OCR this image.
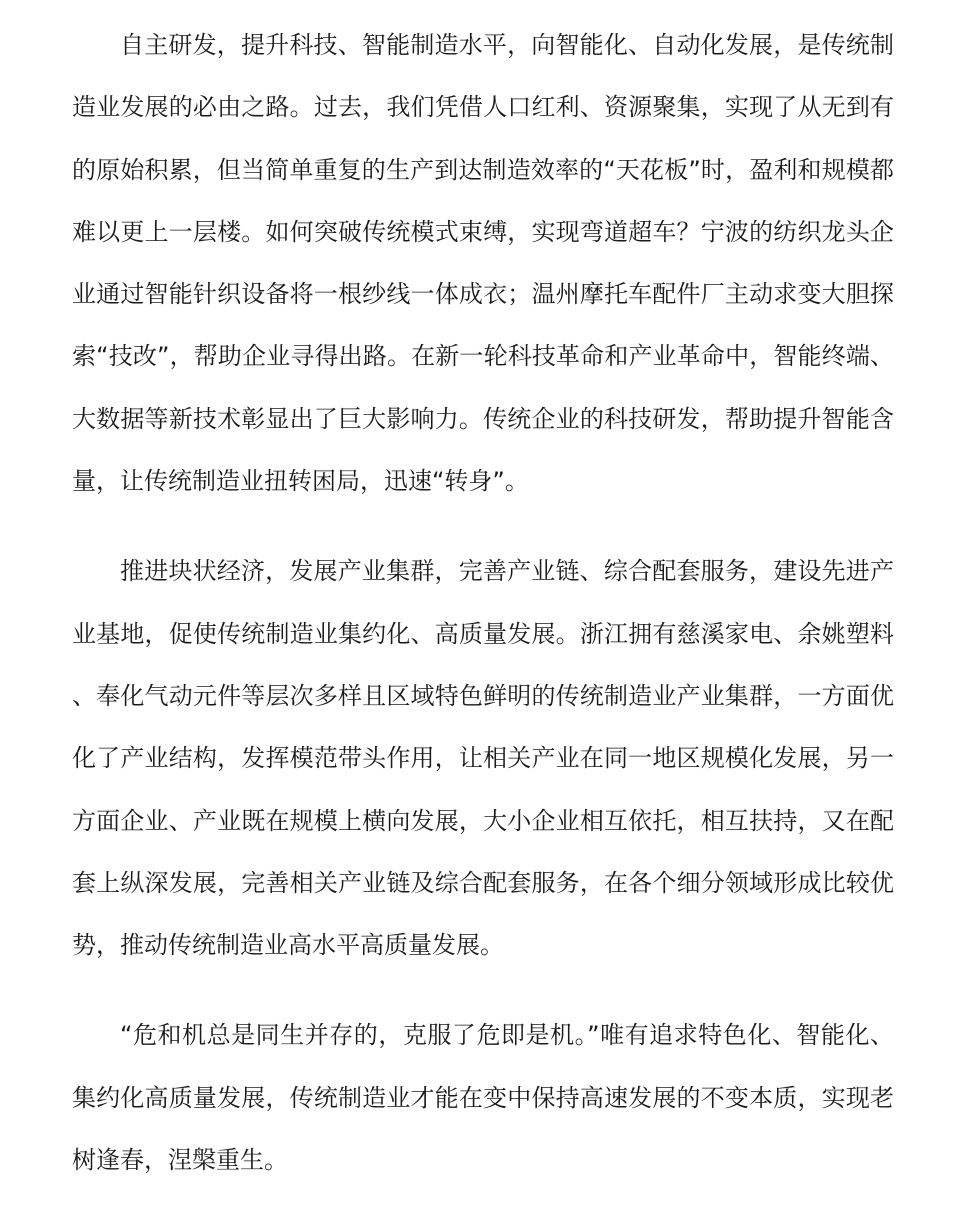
自主研发，提升科技、智能制造水平，向智能化、自动化发展，是传统制造业发展的必由之路。过去，我们凭借人口红利、资源聚集，实现了从无到有的原始积累，但当简单重复的生产到达制造效率的“天花板”时，盈利和规模都难以更上一层楼。如何突破传统模式束缚，实现弯道超车？宁波的纺织龙头企业通过智能针织设备将一根纱线一体成衣；温州摩托车配件厂主动求变大胆探索“技改”，帮助企业寻得出路。在新一轮科技革命和产业革命中，智能终端、大数据等新技术彰显出了巨大影响力。传统企业的科技研发，帮助提升智能含量，让传统制造业扭转困局，迅速“转身”。

推进块状经济，发展产业集群，完善产业链、综合配套服务，建设先进产业基地，促使传统制造业集约化、高质量发展。浙江拥有慈溪家电、余姚塑料、奉化气动元件等层次多样且区域特色鲜明的传统制造业产业集群，一方面优化了产业结构，发挥模范带头作用，让相关产业在同一地区规模化发展，另一方面企业、产业既在规模上横向发展，大小企业相互依托，相互扶持，又在配套上纵深发展，完善相关产业链及综合配套服务，在各个细分领域形成比较优势，推动传统制造业高水平高质量发展。

“危和机总是同生并存的，克服了危即是机。”唯有追求特色化、智能化、集约化高质量发展，传统制造业才能在变中保持高速发展的不变本质，实现老树逢春，涅槃重生。
